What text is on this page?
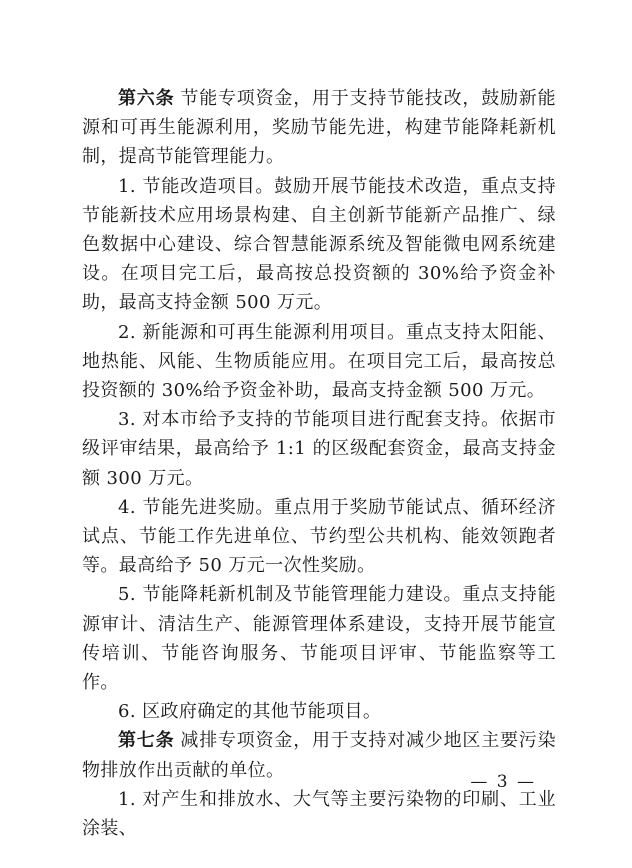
第六条 节能专项资金，用于支持节能技改，鼓励新能源和可再生能源利用，奖励节能先进，构建节能降耗新机制，提高节能管理能力。

1. 节能改造项目。鼓励开展节能技术改造，重点支持节能新技术应用场景构建、自主创新节能新产品推广、绿色数据中心建设、综合智慧能源系统及智能微电网系统建设。在项目完工后，最高按总投资额的 30%给予资金补助，最高支持金额 500 万元。

2. 新能源和可再生能源利用项目。重点支持太阳能、地热能、风能、生物质能应用。在项目完工后，最高按总投资额的 30%给予资金补助，最高支持金额 500 万元。

3. 对本市给予支持的节能项目进行配套支持。依据市级评审结果，最高给予 1:1 的区级配套资金，最高支持金额 300 万元。

4. 节能先进奖励。重点用于奖励节能试点、循环经济试点、节能工作先进单位、节约型公共机构、能效领跑者等。最高给予 50 万元一次性奖励。

5. 节能降耗新机制及节能管理能力建设。重点支持能源审计、清洁生产、能源管理体系建设，支持开展节能宣传培训、节能咨询服务、节能项目评审、节能监察等工作。

6. 区政府确定的其他节能项目。

第七条 减排专项资金，用于支持对减少地区主要污染物排放作出贡献的单位。

1. 对产生和排放水、大气等主要污染物的印刷、工业涂装、

— 3 —
